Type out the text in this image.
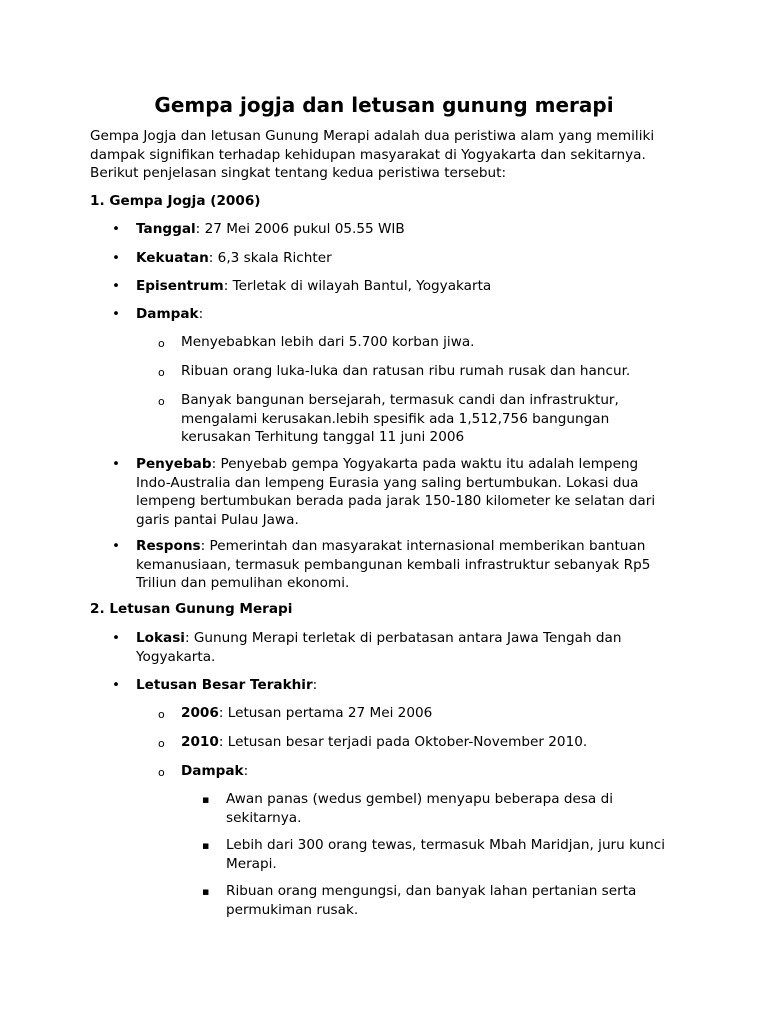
Gempa jogja dan letusan gunung merapi

Gempa Jogja dan letusan Gunung Merapi adalah dua peristiwa alam yang memiliki dampak signifikan terhadap kehidupan masyarakat di Yogyakarta dan sekitarnya. Berikut penjelasan singkat tentang kedua peristiwa tersebut:

1. Gempa Jogja (2006)

• Tanggal: 27 Mei 2006 pukul 05.55 WIB

• Kekuatan: 6,3 skala Richter

• Episentrum: Terletak di wilayah Bantul, Yogyakarta

• Dampak:

o Menyebabkan lebih dari 5.700 korban jiwa.

o Ribuan orang luka-luka dan ratusan ribu rumah rusak dan hancur.

o Banyak bangunan bersejarah, termasuk candi dan infrastruktur, mengalami kerusakan.lebih spesifik ada 1,512,756 bangungan kerusakan Terhitung tanggal 11 juni 2006

• Penyebab: Penyebab gempa Yogyakarta pada waktu itu adalah lempeng Indo-Australia dan lempeng Eurasia yang saling bertumbukan. Lokasi dua lempeng bertumbukan berada pada jarak 150-180 kilometer ke selatan dari garis pantai Pulau Jawa.

• Respons: Pemerintah dan masyarakat internasional memberikan bantuan kemanusiaan, termasuk pembangunan kembali infrastruktur sebanyak Rp5 Triliun dan pemulihan ekonomi.

2. Letusan Gunung Merapi

• Lokasi: Gunung Merapi terletak di perbatasan antara Jawa Tengah dan Yogyakarta.

• Letusan Besar Terakhir:

o 2006: Letusan pertama 27 Mei 2006

o 2010: Letusan besar terjadi pada Oktober-November 2010.

o Dampak:

▪ Awan panas (wedus gembel) menyapu beberapa desa di sekitarnya.

▪ Lebih dari 300 orang tewas, termasuk Mbah Maridjan, juru kunci Merapi.

▪ Ribuan orang mengungsi, dan banyak lahan pertanian serta permukiman rusak.
